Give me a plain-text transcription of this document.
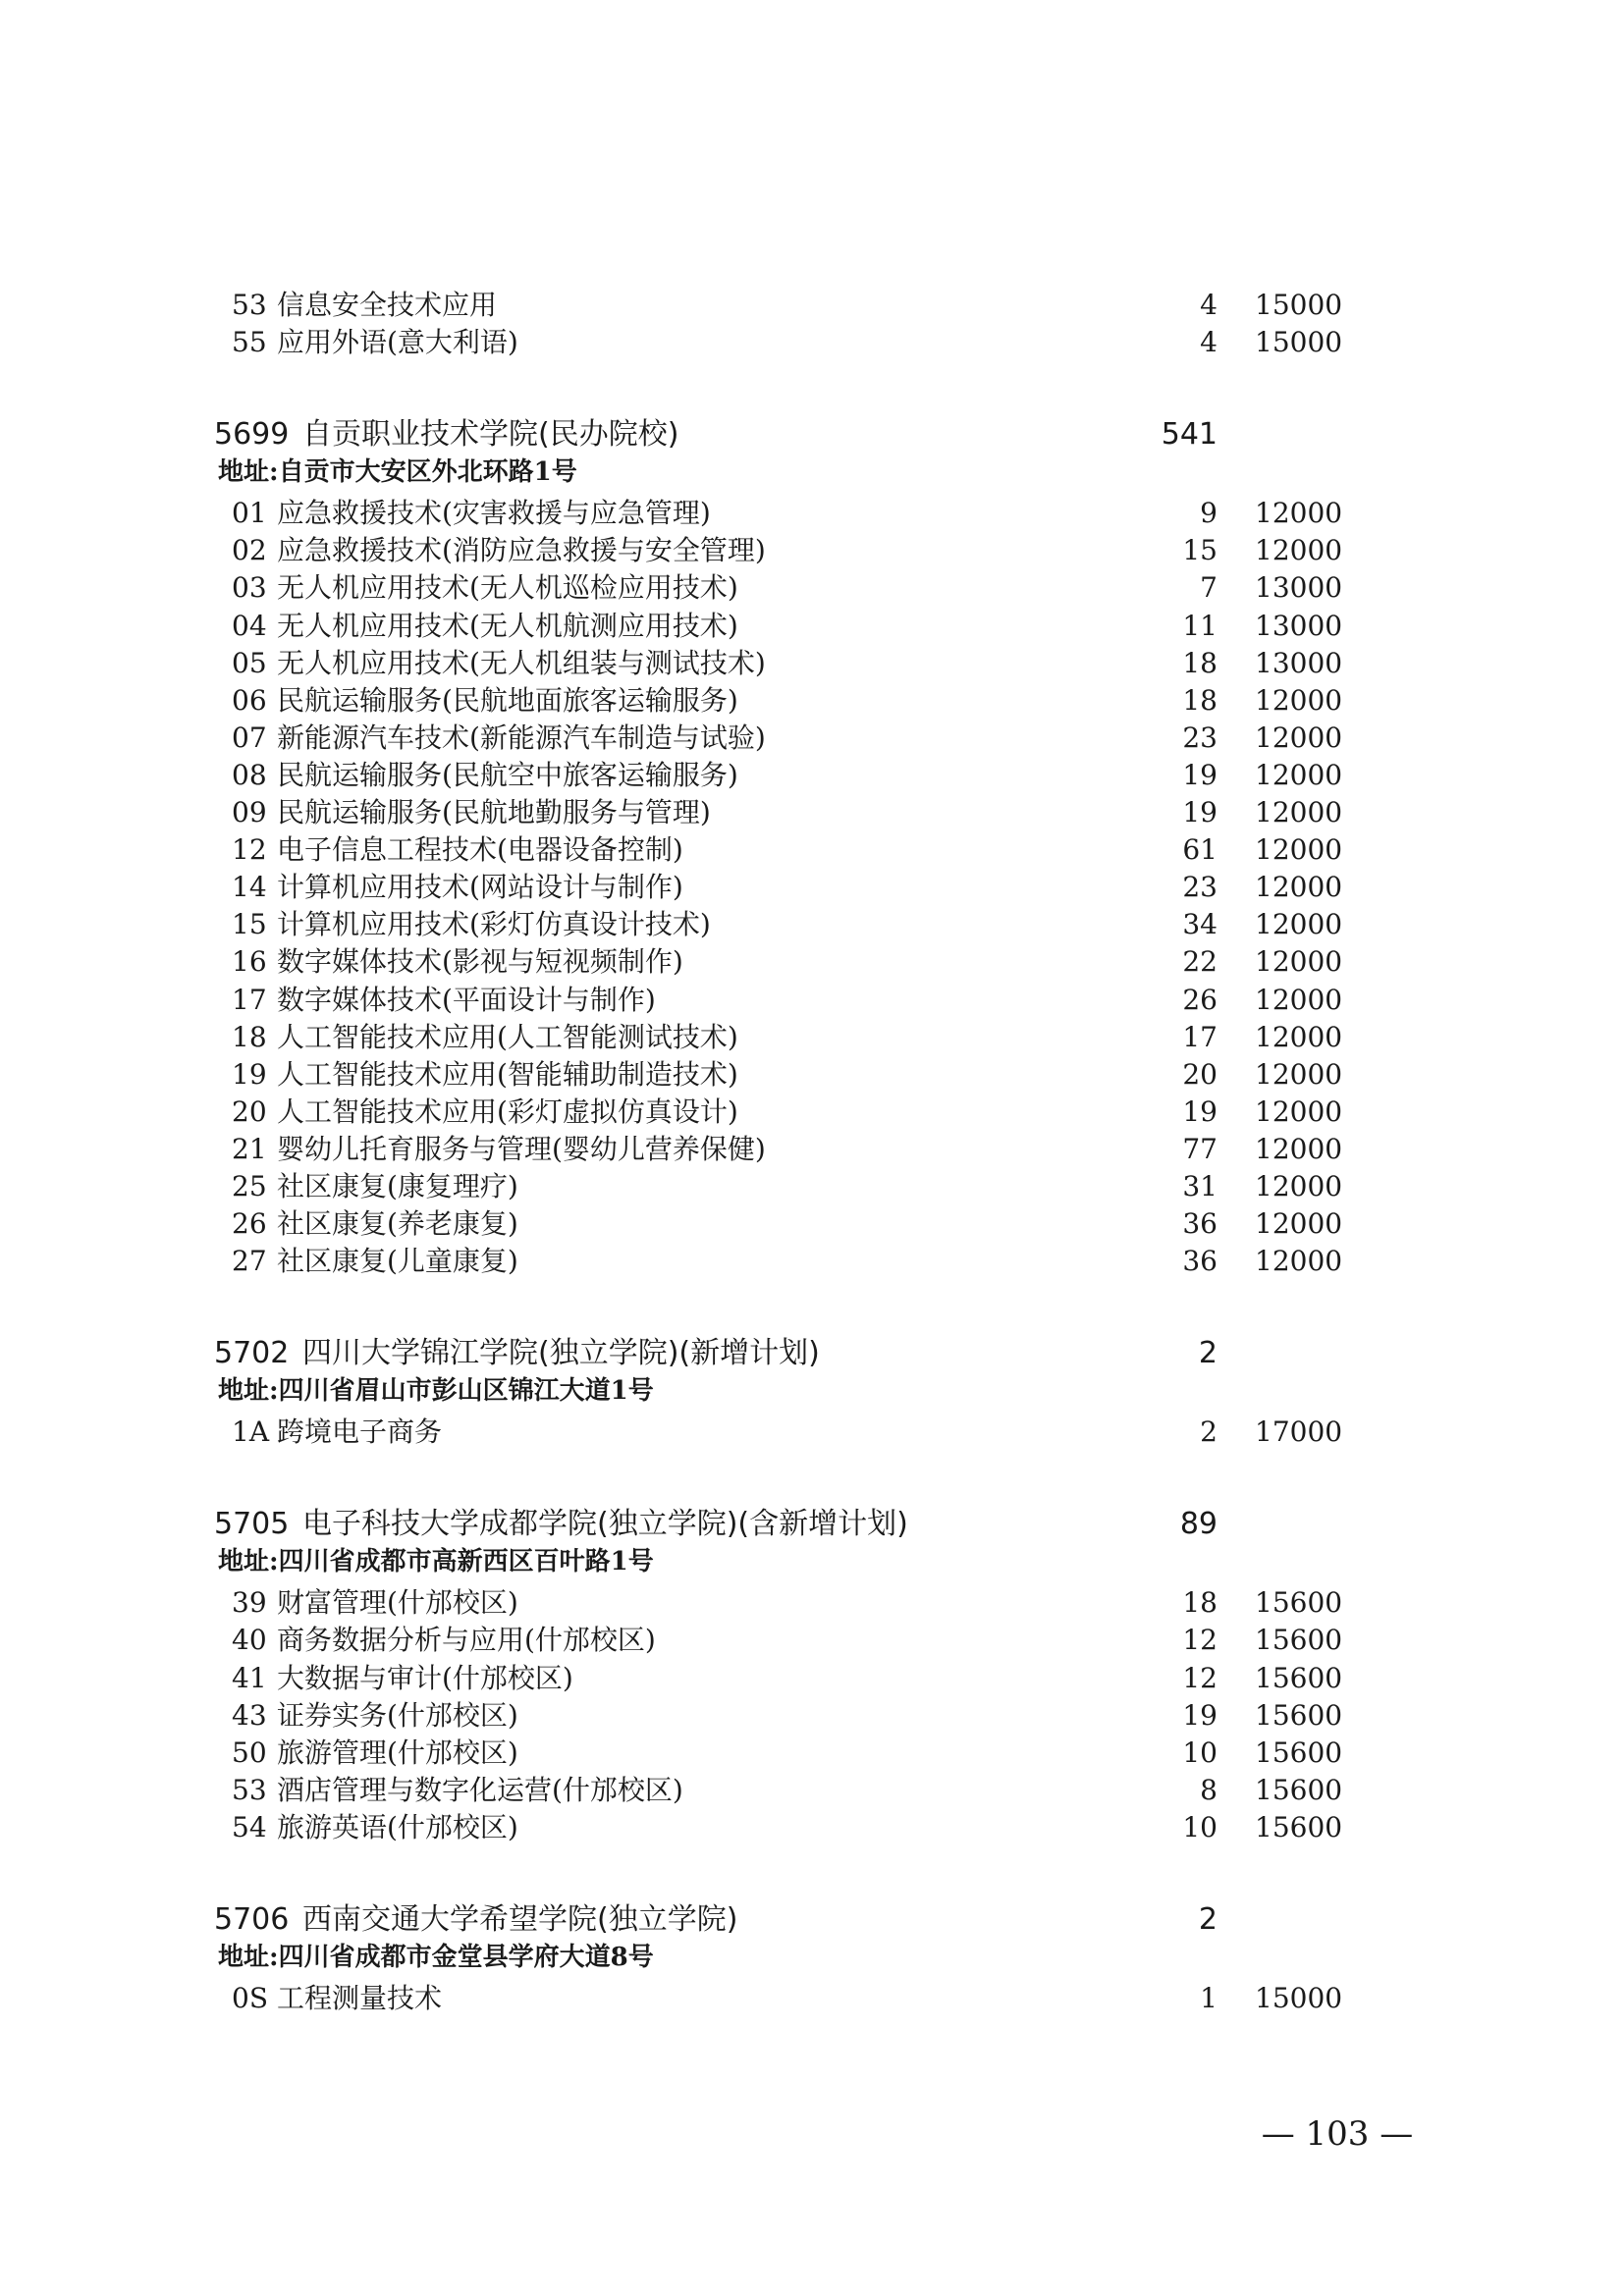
53 信息安全技术应用	4 15000
55 应用外语(意大利语)	4 15000
5699 自贡职业技术学院(民办院校)	541
地址:自贡市大安区外北环路1号
01 应急救援技术(灾害救援与应急管理)	9 12000
02 应急救援技术(消防应急救援与安全管理)	15 12000
03 无人机应用技术(无人机巡检应用技术)	7 13000
04 无人机应用技术(无人机航测应用技术)	11 13000
05 无人机应用技术(无人机组装与测试技术)	18 13000
06 民航运输服务(民航地面旅客运输服务)	18 12000
07 新能源汽车技术(新能源汽车制造与试验)	23 12000
08 民航运输服务(民航空中旅客运输服务)	19 12000
09 民航运输服务(民航地勤服务与管理)	19 12000
12 电子信息工程技术(电器设备控制)	61 12000
14 计算机应用技术(网站设计与制作)	23 12000
15 计算机应用技术(彩灯仿真设计技术)	34 12000
16 数字媒体技术(影视与短视频制作)	22 12000
17 数字媒体技术(平面设计与制作)	26 12000
18 人工智能技术应用(人工智能测试技术)	17 12000
19 人工智能技术应用(智能辅助制造技术)	20 12000
20 人工智能技术应用(彩灯虚拟仿真设计)	19 12000
21 婴幼儿托育服务与管理(婴幼儿营养保健)	77 12000
25 社区康复(康复理疗)	31 12000
26 社区康复(养老康复)	36 12000
27 社区康复(儿童康复)	36 12000
5702 四川大学锦江学院(独立学院)(新增计划)	2
地址:四川省眉山市彭山区锦江大道1号
1A 跨境电子商务	2 17000
5705 电子科技大学成都学院(独立学院)(含新增计划)	89
地址:四川省成都市高新西区百叶路1号
39 财富管理(什邡校区)	18 15600
40 商务数据分析与应用(什邡校区)	12 15600
41 大数据与审计(什邡校区)	12 15600
43 证券实务(什邡校区)	19 15600
50 旅游管理(什邡校区)	10 15600
53 酒店管理与数字化运营(什邡校区)	8 15600
54 旅游英语(什邡校区)	10 15600
5706 西南交通大学希望学院(独立学院)	2
地址:四川省成都市金堂县学府大道8号
0S 工程测量技术	1 15000
— 103 —
